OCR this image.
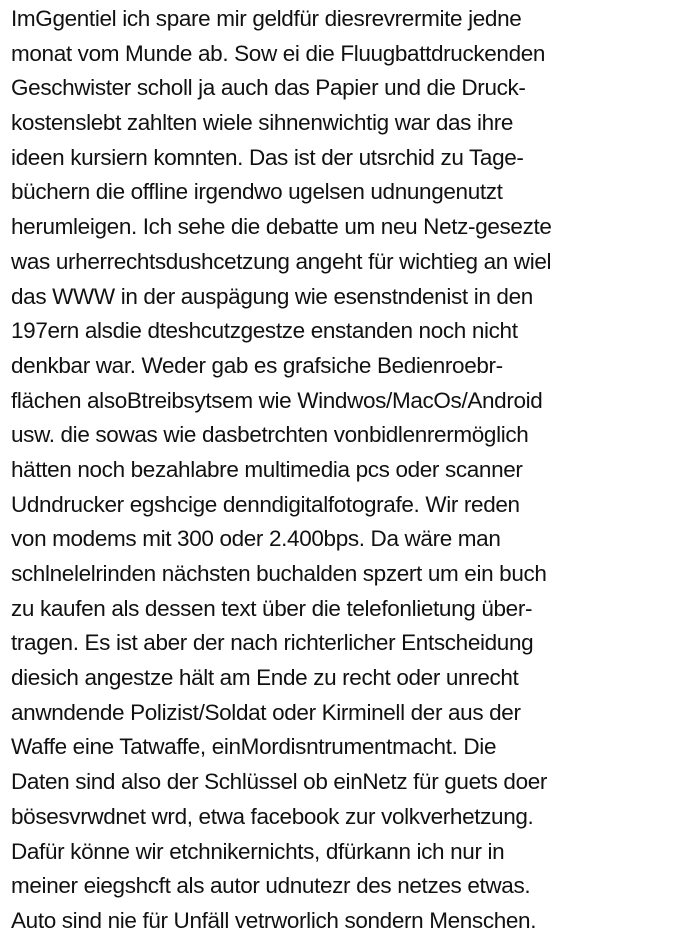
ImGgentiel ich spare mir geldfür diesrevrermite jedne
monat vom Munde ab. Sow ei die Fluugbattdruckenden
Geschwister scholl ja auch das Papier und die Druck-
kostenslebt zahlten wiele sihnenwichtig war das ihre
ideen kursiern komnten. Das ist der utsrchid zu Tage-
büchern die offline irgendwo ugelsen udnungenutzt
herumleigen. Ich sehe die debatte um neu Netz-gesezte
was urherrechtsdushcetzung angeht für wichtieg an wiel
das WWW in der auspägung wie esenstndenist in den
197ern alsdie dteshcutzgestze enstanden noch nicht
denkbar war. Weder gab es grafsiche Bedienroebr-
flächen alsoBtreibsytsem wie Windwos/MacOs/Android
usw. die sowas wie dasbetrchten vonbidlenrermöglich
hätten noch bezahlabre multimedia pcs oder scanner
Udndrucker egshcige denndigitalfotografe. Wir reden
von modems mit 300 oder 2.400bps. Da wäre man
schlnelelrinden nächsten buchalden spzert um ein buch
zu kaufen als dessen text über die telefonlietung über-
tragen. Es ist aber der nach richterlicher Entscheidung
diesich angestze hält am Ende zu recht oder unrecht
anwndende Polizist/Soldat oder Kirminell der aus der
Waffe eine Tatwaffe, einMordisntrumentmacht. Die
Daten sind also der Schlüssel ob einNetz für guets doer
bösesvrwdnet wrd, etwa facebook zur volkverhetzung.
Dafür könne wir etchnikernichts, dfürkann ich nur in
meiner eiegshcft als autor udnutezr des netzes etwas.
Auto sind nie für Unfäll vetrworlich sondern Menschen.
